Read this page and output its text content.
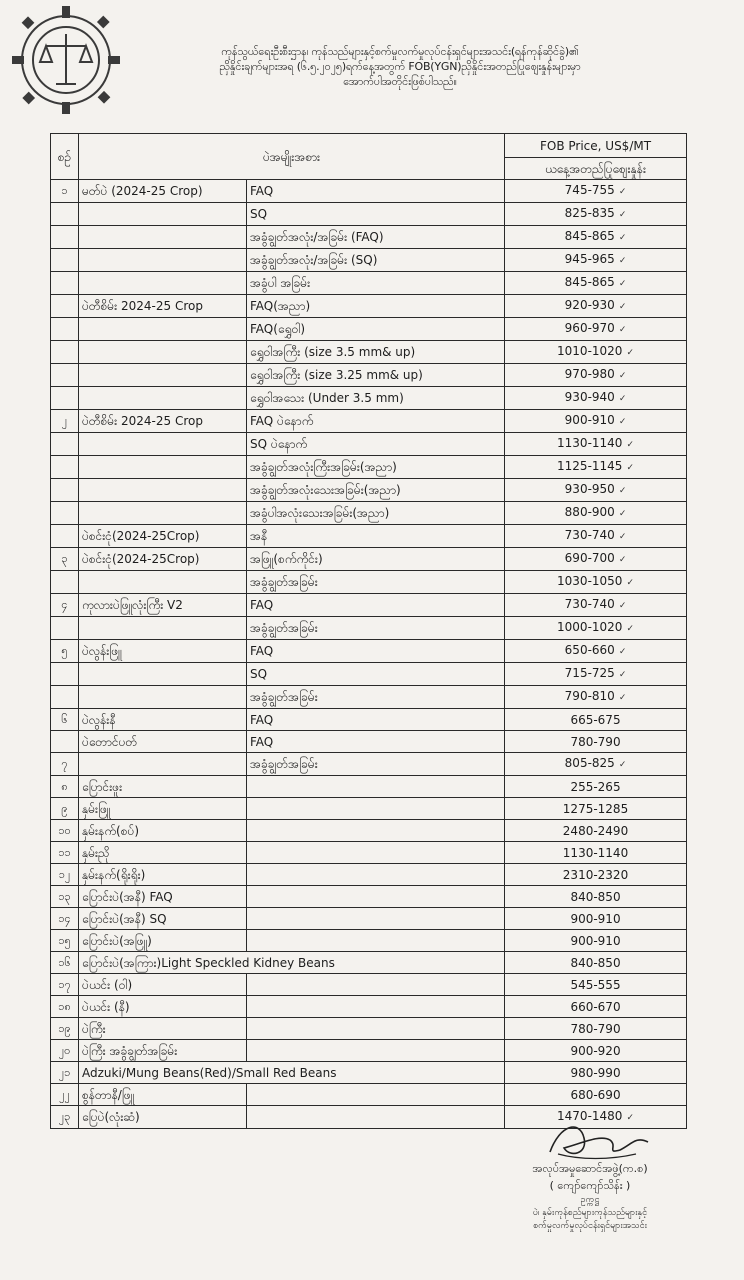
ကုန်သွယ်ရေးဦးစီးဌာန၊ ကုန်သည်များနှင့်စက်မှုလက်မှုလုပ်ငန်းရှင်များအသင်း(ရန်ကုန်ဆိုင်ခွဲ)၏
ညှိနှိုင်းချက်များအရ (၆.၅.၂၀၂၅)ရက်နေ့အတွက် FOB(YGN)ညှိနှိုင်းအတည်ပြုဈေးနှုန်းများမှာ
အောက်ပါအတိုင်းဖြစ်ပါသည်။
စဉ်	ပဲအမျိုးအစား		FOB Price, US$/MT
			ယနေ့အတည်ပြုဈေးနှုန်း
၁	မတ်ပဲ (2024-25 Crop)	FAQ	745-755 ✓
		SQ	825-835 ✓
		အခွံချွတ်အလုံး/အခြမ်း (FAQ)	845-865 ✓
		အခွံချွတ်အလုံး/အခြမ်း (SQ)	945-965 ✓
		အခွံပါ အခြမ်း	845-865 ✓
	ပဲတီစိမ်း 2024-25 Crop	FAQ(အညာ)	920-930 ✓
		FAQ(ရွှေဝါ)	960-970 ✓
		ရွှေဝါအကြီး (size 3.5 mm& up)	1010-1020 ✓
		ရွှေဝါအကြီး (size 3.25 mm& up)	970-980 ✓
		ရွှေဝါအသေး (Under 3.5 mm)	930-940 ✓
၂	ပဲတီစိမ်း 2024-25 Crop	FAQ ပဲနောက်	900-910 ✓
		SQ ပဲနောက်	1130-1140 ✓
		အခွံချွတ်အလုံးကြီးအခြမ်း(အညာ)	1125-1145 ✓
		အခွံချွတ်အလုံးသေးအခြမ်း(အညာ)	930-950 ✓
		အခွံပါအလုံးသေးအခြမ်း(အညာ)	880-900 ✓
	ပဲစင်းငုံ(2024-25Crop)	အနီ	730-740 ✓
၃	ပဲစင်းငုံ(2024-25Crop)	အဖြူ(စက်ကိုင်း)	690-700 ✓
		အခွံချွတ်အခြမ်း	1030-1050 ✓
၄	ကုလားပဲဖြူလုံးကြီး V2	FAQ	730-740 ✓
		အခွံချွတ်အခြမ်း	1000-1020 ✓
၅	ပဲလွန်းဖြူ	FAQ	650-660 ✓
		SQ	715-725 ✓
		အခွံချွတ်အခြမ်း	790-810 ✓
၆	ပဲလွန်းနီ	FAQ	665-675
	ပဲတောင်ပတ်	FAQ	780-790
၇		အခွံချွတ်အခြမ်း	805-825 ✓
၈	ပြောင်းဖူး		255-265
၉	နှမ်းဖြူ		1275-1285
၁၀	နှမ်းနက်(စပ်)		2480-2490
၁၁	နှမ်းညို		1130-1140
၁၂	နှမ်းနက်(ရိုးရိုး)		2310-2320
၁၃	ပြောင်းပဲ(အနီ) FAQ		840-850
၁၄	ပြောင်းပဲ(အနီ) SQ		900-910
၁၅	ပြောင်းပဲ(အဖြူ)		900-910
၁၆	ပြောင်းပဲ(အကြား)Light Speckled Kidney Beans		840-850
၁၇	ပဲယင်း (ဝါ)		545-555
၁၈	ပဲယင်း (နီ)		660-670
၁၉	ပဲကြီး		780-790
၂၀	ပဲကြီး အခွံချွတ်အခြမ်း		900-920
၂၁	Adzuki/Mung Beans(Red)/Small Red Beans		980-990
၂၂	စွန်တာနီ/ဖြူ		680-690
၂၃	ပြေပဲ(လုံးဆံ)		1470-1480 ✓
အလုပ်အမှုဆောင်အဖွဲ့(က.စ)
( ကျော်ကျော်သိန်း )
ဥက္ကဋ္ဌ
ပဲ၊ နှမ်းကုန်စည်များကုန်သည်များနှင့်
စက်မှုလက်မှုလုပ်ငန်းရှင်များအသင်း
